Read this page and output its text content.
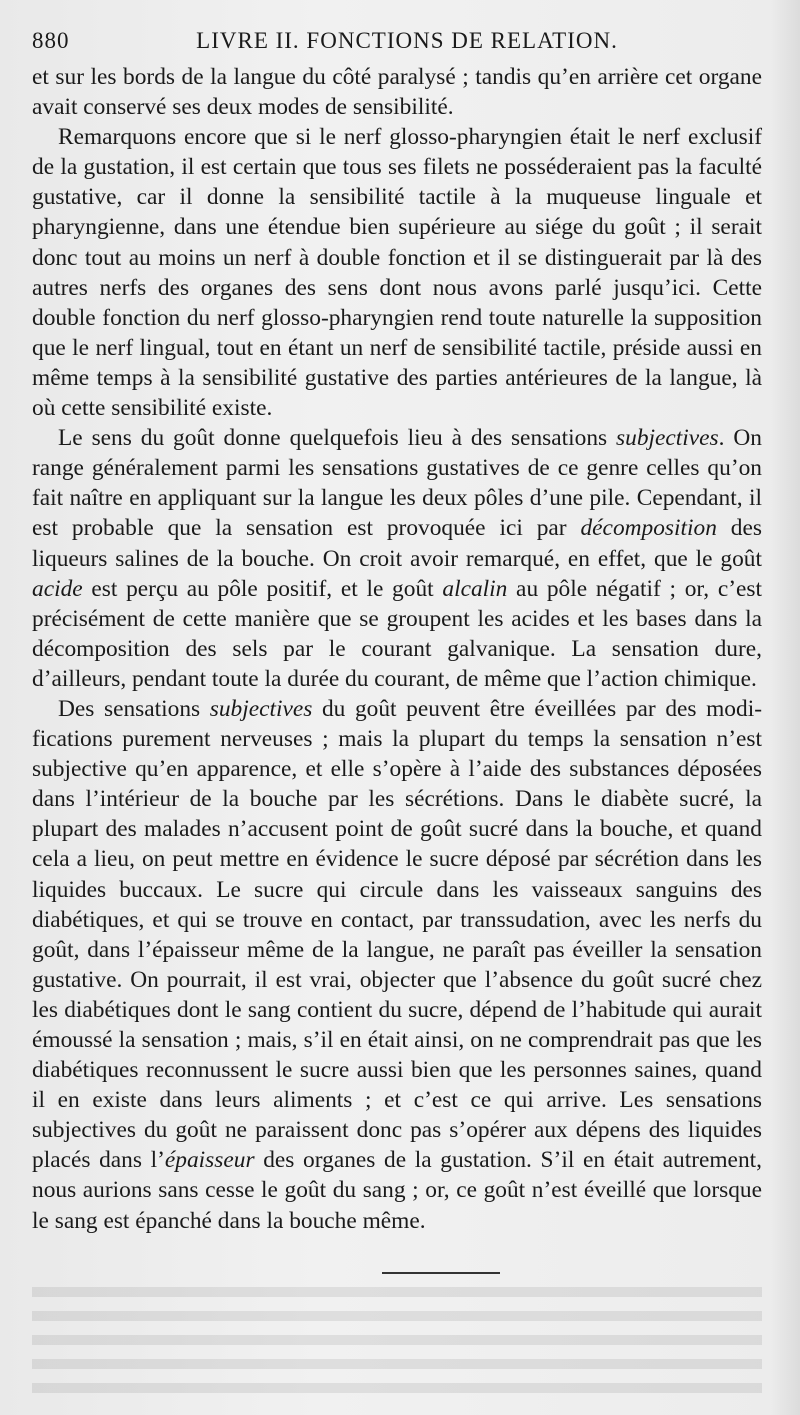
880	LIVRE II. FONCTIONS DE RELATION.

et sur les bords de la langue du côté paralysé ; tandis qu’en arrière cet organe avait conservé ses deux modes de sensibilité.

Remarquons encore que si le nerf glosso-pharyngien était le nerf exclusif de la gustation, il est certain que tous ses filets ne posséderaient pas la faculté gustative, car il donne la sensibilité tactile à la muqueuse linguale et pharyngienne, dans une étendue bien supérieure au siége du goût ; il serait donc tout au moins un nerf à double fonction et il se distinguerait par là des autres nerfs des organes des sens dont nous avons parlé jusqu’ici. Cette double fonction du nerf glosso-pharyngien rend toute naturelle la supposition que le nerf lingual, tout en étant un nerf de sensibilité tactile, préside aussi en même temps à la sensibilité gustative des parties antérieures de la langue, là où cette sensibilité existe.

Le sens du goût donne quelquefois lieu à des sensations subjectives. On range généralement parmi les sensations gustatives de ce genre celles qu’on fait naître en appliquant sur la langue les deux pôles d’une pile. Cependant, il est probable que la sensation est provoquée ici par décomposition des liqueurs salines de la bouche. On croit avoir remarqué, en effet, que le goût acide est perçu au pôle positif, et le goût alcalin au pôle négatif ; or, c’est précisément de cette manière que se groupent les acides et les bases dans la décomposition des sels par le courant galvanique. La sensation dure, d’ailleurs, pendant toute la durée du courant, de même que l’action chimique.

Des sensations subjectives du goût peuvent être éveillées par des modifications purement nerveuses ; mais la plupart du temps la sensation n’est subjective qu’en apparence, et elle s’opère à l’aide des substances déposées dans l’intérieur de la bouche par les sécrétions. Dans le diabète sucré, la plupart des malades n’accusent point de goût sucré dans la bouche, et quand cela a lieu, on peut mettre en évidence le sucre déposé par sécrétion dans les liquides buccaux. Le sucre qui circule dans les vaisseaux sanguins des diabétiques, et qui se trouve en contact, par transsudation, avec les nerfs du goût, dans l’épaisseur même de la langue, ne paraît pas éveiller la sensation gustative. On pourrait, il est vrai, objecter que l’absence du goût sucré chez les diabétiques dont le sang contient du sucre, dépend de l’habitude qui aurait émoussé la sensation ; mais, s’il en était ainsi, on ne comprendrait pas que les diabétiques reconnussent le sucre aussi bien que les personnes saines, quand il en existe dans leurs aliments ; et c’est ce qui arrive. Les sensations subjectives du goût ne paraissent donc pas s’opérer aux dépens des liquides placés dans l’épaisseur des organes de la gustation. S’il en était autrement, nous aurions sans cesse le goût du sang ; or, ce goût n’est éveillé que lorsque le sang est épanché dans la bouche même.
